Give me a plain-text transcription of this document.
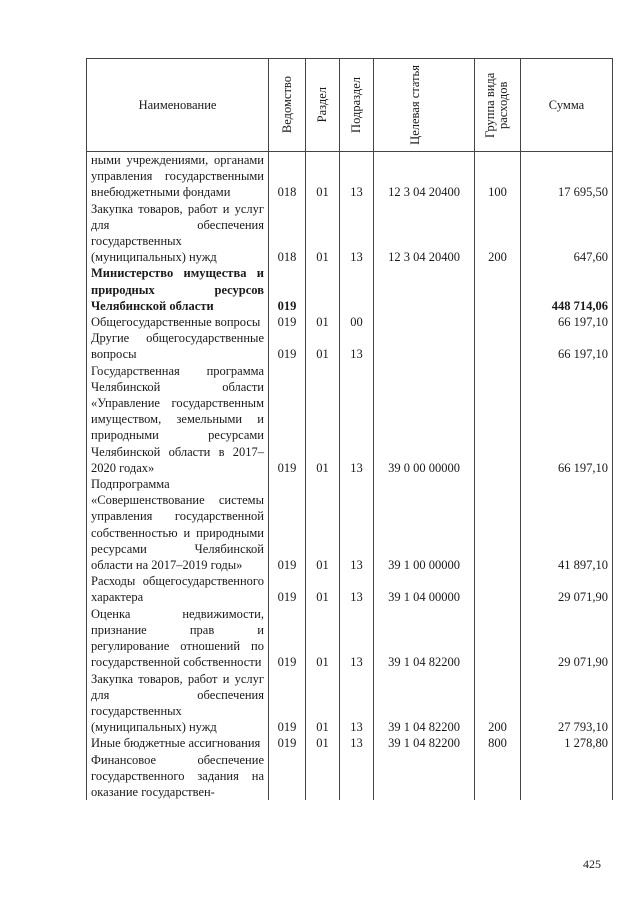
Наименование	Ведомство	Раздел	Подраздел	Целевая статья	Группа вида расходов	Сумма
ными учреждениями, органами управления государственными внебюджетными фондами	018	01	13	12 3 04 20400	100	17 695,50
Закупка товаров, работ и услуг для обеспечения государственных (муниципальных) нужд	018	01	13	12 3 04 20400	200	647,60
Министерство имущества и природных ресурсов Челябинской области	019					448 714,06
Общегосударственные вопросы	019	01	00			66 197,10
Другие общегосударственные вопросы	019	01	13			66 197,10
Государственная программа Челябинской области «Управление государственным имуществом, земельными и природными ресурсами Челябинской области в 2017–2020 годах»	019	01	13	39 0 00 00000		66 197,10
Подпрограмма «Совершенствование системы управления государственной собственностью и природными ресурсами Челябинской области на 2017–2019 годы»	019	01	13	39 1 00 00000		41 897,10
Расходы общегосударственного характера	019	01	13	39 1 04 00000		29 071,90
Оценка недвижимости, признание прав и регулирование отношений по государственной собственности	019	01	13	39 1 04 82200		29 071,90
Закупка товаров, работ и услуг для обеспечения государственных (муниципальных) нужд	019	01	13	39 1 04 82200	200	27 793,10
Иные бюджетные ассигнования	019	01	13	39 1 04 82200	800	1 278,80
Финансовое обеспечение государственного задания на оказание государствен-						
425
